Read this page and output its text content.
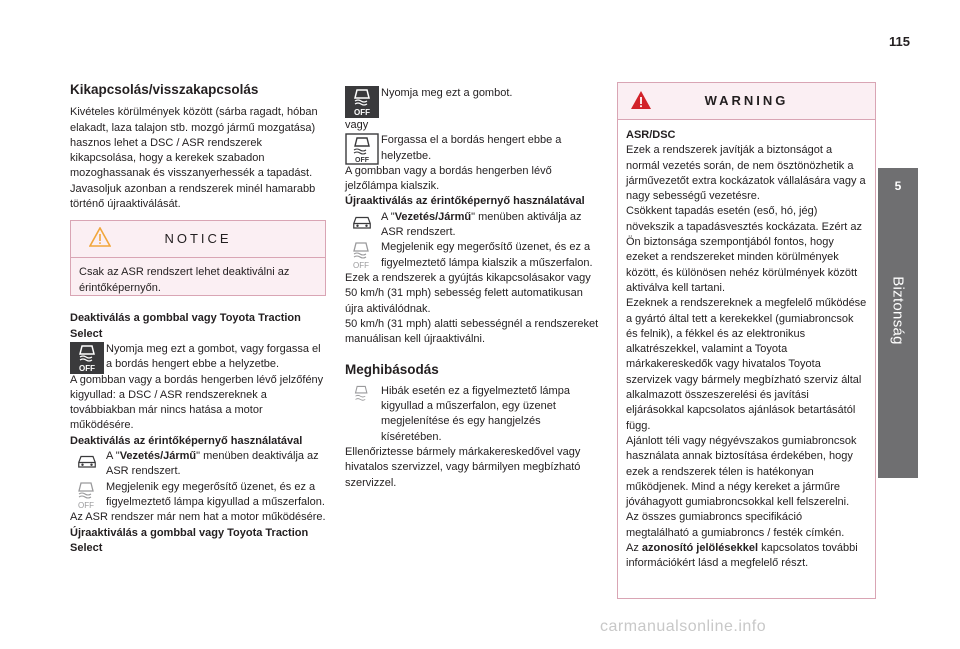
115
5
Biztonság

Kikapcsolás/visszakapcsolás

Kivételes körülmények között (sárba ragadt, hóban elakadt, laza talajon stb. mozgó jármű mozgatása) hasznos lehet a DSC / ASR rendszerek kikapcsolása, hogy a kerekek szabadon mozoghassanak és visszanyerhessék a tapadást.

Javasoljuk azonban a rendszerek minél hamarabb történő újraaktiválását.

NOTICE

Csak az ASR rendszert lehet deaktiválni az érintőképernyőn.

Deaktiválás a gombbal vagy Toyota Traction Select

OFF

Nyomja meg ezt a gombot, vagy forgassa el a bordás hengert ebbe a helyzetbe.

A gombban vagy a bordás hengerben lévő jelzőfény kigyullad: a DSC / ASR rendszereknek a továbbiakban már nincs hatása a motor működésére.

Deaktiválás az érintőképernyő használatával

A "Vezetés/Jármű" menüben deaktiválja az ASR rendszert.

OFF

Megjelenik egy megerősítő üzenet, és ez a figyelmeztető lámpa kigyullad a műszerfalon.

Az ASR rendszer már nem hat a motor működésére.

Újraaktiválás a gombbal vagy Toyota Traction Select

OFF

Nyomja meg ezt a gombot.

vagy

OFF

Forgassa el a bordás hengert ebbe a helyzetbe.

A gombban vagy a bordás hengerben lévő jelzőlámpa kialszik.

Újraaktiválás az érintőképernyő használatával

A "Vezetés/Jármű" menüben aktiválja az ASR rendszert.

OFF

Megjelenik egy megerősítő üzenet, és ez a figyelmeztető lámpa kialszik a műszerfalon.

Ezek a rendszerek a gyújtás kikapcsolásakor vagy 50 km/h (31 mph) sebesség felett automatikusan újra aktiválódnak.

50 km/h (31 mph) alatti sebességnél a rendszereket manuálisan kell újraaktiválni.

Meghibásodás

Hibák esetén ez a figyelmeztető lámpa kigyullad a műszerfalon, egy üzenet megjelenítése és egy hangjelzés kíséretében.

Ellenőriztesse bármely márkakereskedővel vagy hivatalos szervizzel, vagy bármilyen megbízható szervizzel.

WARNING

ASR/DSC

Ezek a rendszerek javítják a biztonságot a normál vezetés során, de nem ösztönözhetik a járművezetőt extra kockázatok vállalására vagy a nagy sebességű vezetésre.

Csökkent tapadás esetén (eső, hó, jég) növekszik a tapadásvesztés kockázata. Ezért az Ön biztonsága szempontjából fontos, hogy ezeket a rendszereket minden körülmények között, és különösen nehéz körülmények között aktiválva kell tartani.

Ezeknek a rendszereknek a megfelelő működése a gyártó által tett a kerekekkel (gumiabroncsok és felnik), a fékkel és az elektronikus alkatrészekkel, valamint a Toyota márkakereskedők vagy hivatalos Toyota szervizek vagy bármely megbízható szerviz által alkalmazott összeszerelési és javítási eljárásokkal kapcsolatos ajánlások betartásától függ.

Ajánlott téli vagy négyévszakos gumiabroncsok használata annak biztosítása érdekében, hogy ezek a rendszerek télen is hatékonyan működjenek. Mind a négy kereket a járműre jóváhagyott gumiabroncsokkal kell felszerelni.

Az összes gumiabroncs specifikáció megtalálható a gumiabroncs / festék címkén.

Az azonosító jelölésekkel kapcsolatos további információkért lásd a megfelelő részt.

carmanualsonline.info
